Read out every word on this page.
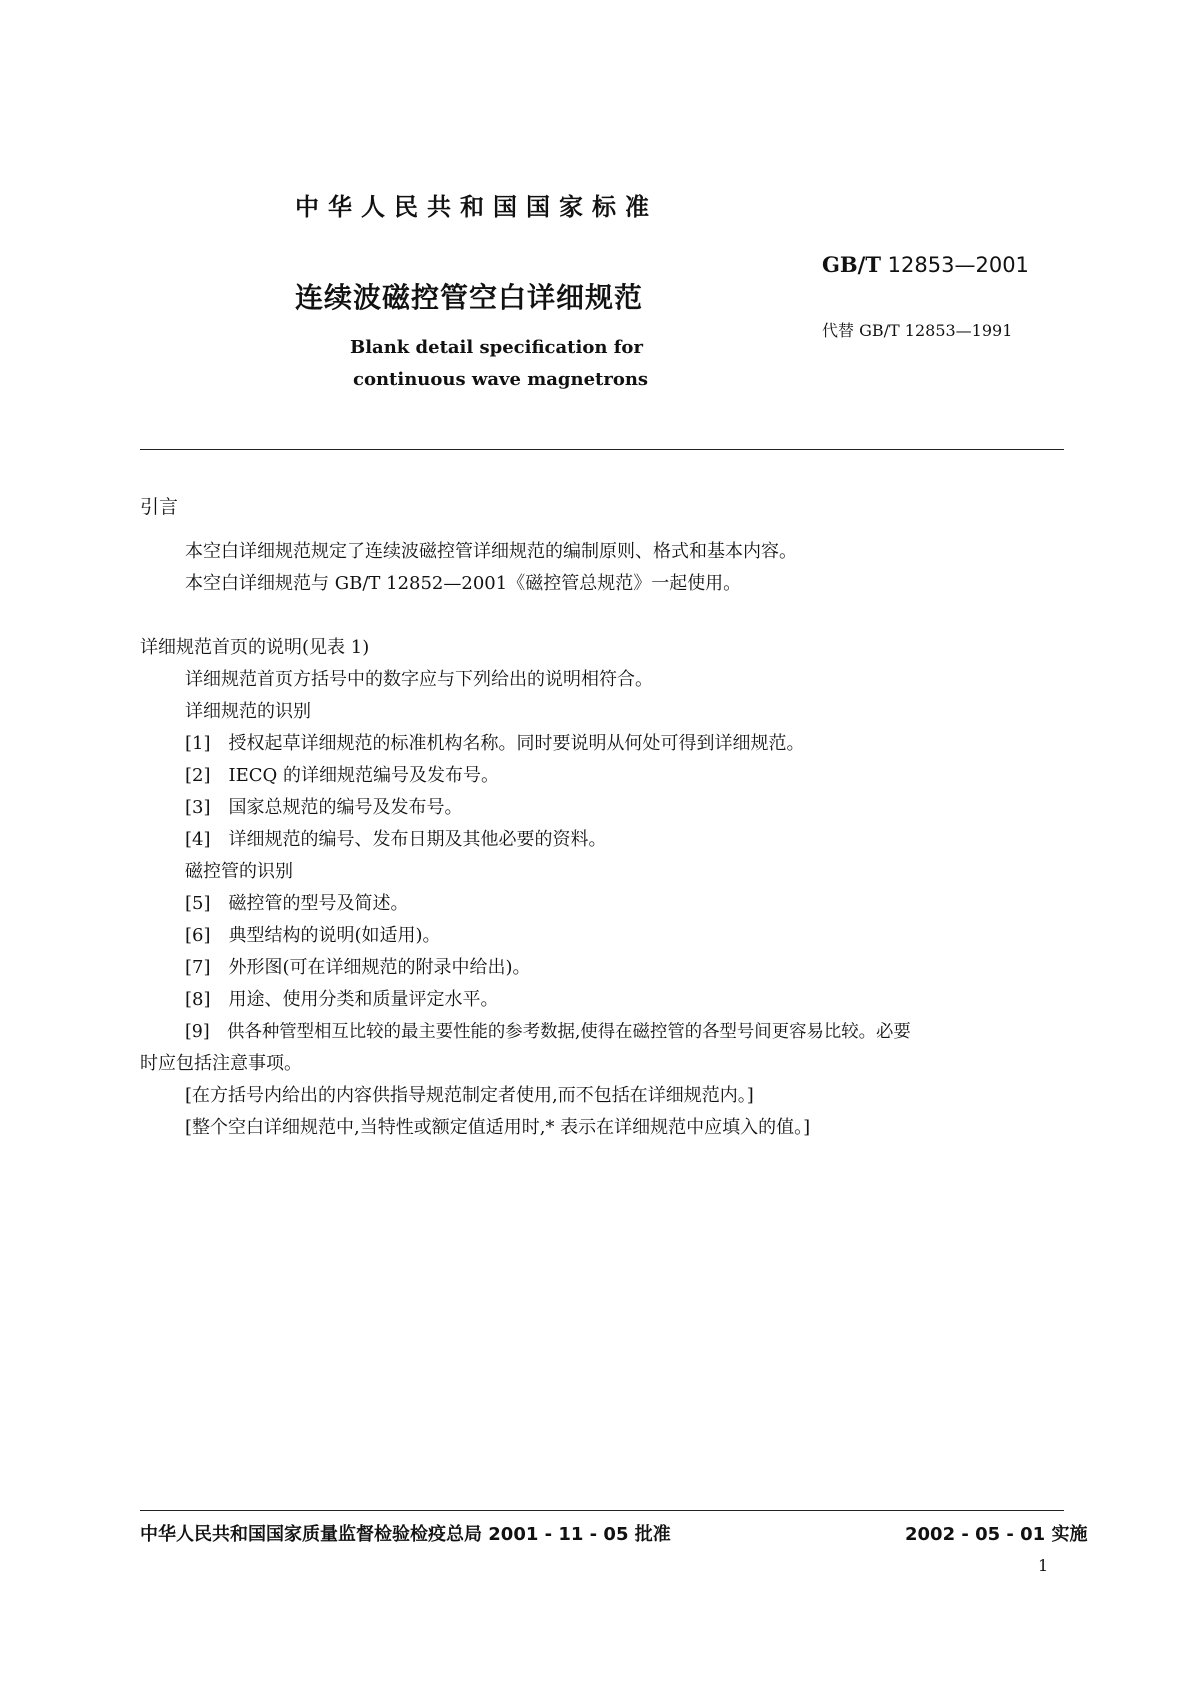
中华人民共和国国家标准
GB/T 12853—2001
连续波磁控管空白详细规范
代替 GB/T 12853—1991
Blank detail specification for
continuous wave magnetrons
引言
本空白详细规范规定了连续波磁控管详细规范的编制原则、格式和基本内容。
本空白详细规范与 GB/T 12852—2001《磁控管总规范》一起使用。
详细规范首页的说明(见表 1)
详细规范首页方括号中的数字应与下列给出的说明相符合。
详细规范的识别
[1]　 授权起草详细规范的标准机构名称。同时要说明从何处可得到详细规范。
[2]　 IECQ 的详细规范编号及发布号。
[3]　 国家总规范的编号及发布号。
[4]　 详细规范的编号、发布日期及其他必要的资料。
磁控管的识别
[5]　 磁控管的型号及简述。
[6]　 典型结构的说明(如适用)。
[7]　 外形图(可在详细规范的附录中给出)。
[8]　 用途、使用分类和质量评定水平。
[9]　 供各种管型相互比较的最主要性能的参考数据,使得在磁控管的各型号间更容易比较。必要
时应包括注意事项。
[在方括号内给出的内容供指导规范制定者使用,而不包括在详细规范内。]
[整个空白详细规范中,当特性或额定值适用时,* 表示在详细规范中应填入的值。]
中华人民共和国国家质量监督检验检疫总局 2001 - 11 - 05 批准	2002 - 05 - 01 实施
1
